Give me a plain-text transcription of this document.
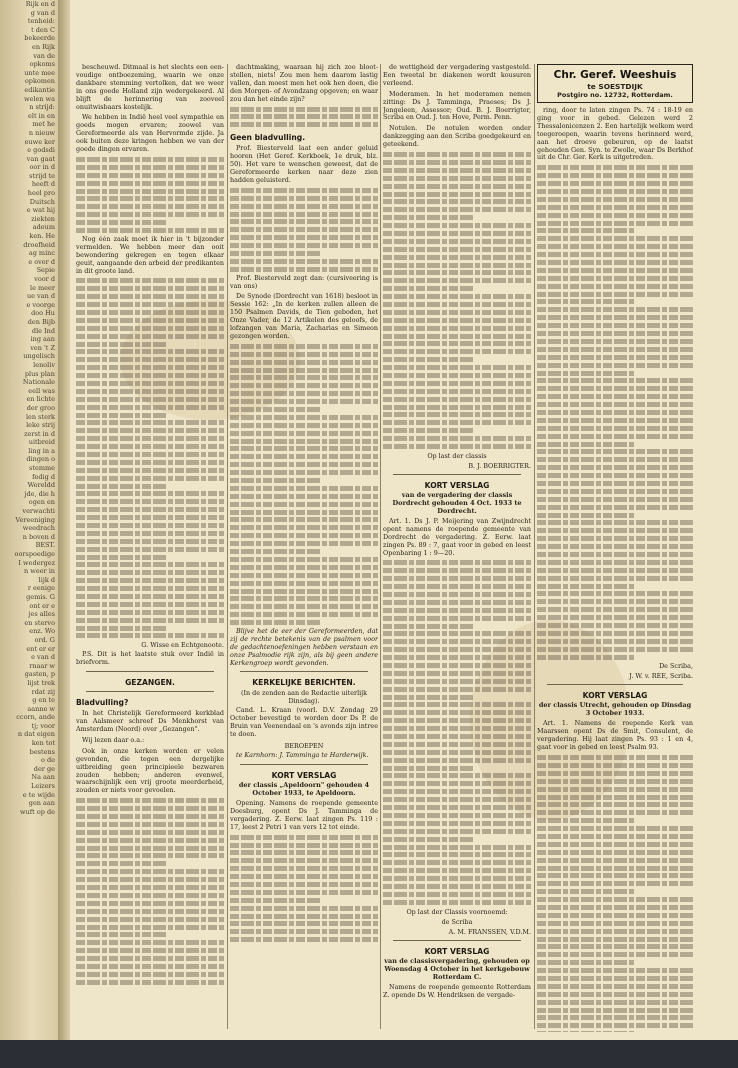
Rijk en d
g van d
tenheid:
t den C
bekeerde
en Rijk
van de
opkoms
unte mee
opkomen
edikantie
welen wa
n strijd:
elt in en
met he
n nieuw
euwe ker
e godsdi
van gaat
oor in d
strijd te
heeft d
heel pro
Duitsch
e wat hij
ziekten
adeum
ken. He
droefheid
ag minc
e over d
Sepie
voor d
le meer
ue van d
e voorge
doo Hu
den Bijb
dle Ind
ing aan
ven 't Z
ungelisch
lenoliv
plus plan
Nationale
eell was
en lichte
der groo
len sterk
leke strij
zerst in d
uitbreid
ling in a
dingen o
stemme
fedig d
Wereldd
jde, die h
ogen en
verwachti
Vereeniging
weedrach
n boven d
BEST.
oorspoedige
I wedergez
n weer in
lijk d
r eenige
gemis. G
ont er e
jes alles
en stervo
enz. Wo
ord. G
ent er er
e van d
rnaar w
gasten, p
lijst trek
rdat zij
g en te
aanne w
ccorn, ande
tj; voor
n dat eigen
ken tot
bestens
o de
der ge
Na aan
Leizers
e te wijde
gen aan
wuft op de

bescheuwd. Ditmaal is het slechts een een-voudige ontboezeming, waarin we onze dankbare stemming vertolken, dat we weer in ons goede Holland zijn wedergekeerd. Al blijft de herinnering van zooveel onuitwisbaars kostelijk.

We hebben in Indië heel veel sympathie en goeds mogen ervaren; zoowel van Gereformeerde als van Hervormde zijde. Ja ook buiten deze kringen hebben we van der goede dingen ervaren.

Nog één zaak moet ik hier in 't bijzonder vermelden. We hebben meer dan ooit bewondering gekregen en tegen elkaar geuit, aangaande den arbeid der predikanten in dit groote land.

G. Wisse en Echtgenoote.

P.S. Dit is het laatste stuk over Indië in briefvorm.

GEZANGEN.
Bladvulling?

In het Christelijk Gereformeerd kerkblad van Aalsmeer schreef Ds Menkhorst van Amsterdam (Noord) over „Gezangen".

Wij lezen daar o.a.:

Ook in onze kerken worden er velen gevonden, die tegen een dergelijke uitbreiding geen principieele bezwaren zouden hebben; anderen evenwel, waarschijnlijk een vrij groote meerderheid, zouden er niets voor gevoelen.

dachtmaking, waaraan hij zich zoo bloot-stellen, niets! Zou men hem daarom lastig vallen, dan moest men het ook hen doen, die den Morgen- of Avondzang opgeven; en waar zou dan het einde zijn?

Geen bladvulling.

Prof. Biesterveld laat een ander geluid hooren (Het Geref. Kerkboek, 1e druk, blz. 50). Het vare te wenschen geweest, dat de Gereformeerde kerken naar deze zien hadden geluisterd.

Prof. Biesterveld zegt dan: (cursiveering is van ons)

De Synode (Dordrecht van 1618) besloot in Sessie 162: „In de kerken zullen alleen de 150 Psalmen Davids, de Tien geboden, het Onze Vader, de 12 Artikelen des geloofs, de lofzangen van Maria, Zacharias en Simeon gezongen worden.

Blijve het de eer der Gereformeerden, dat zij de rechte betekenis van de psalmen voor de gedachtenoefeningen hebben verstaan en onze Psalmodie rijk zijn, als bij geen andere Kerkengroep wordt gevonden.

KERKELIJKE BERICHTEN.

(In de zenden aan de Redactie uiterlijk Dinsdag).

Cand. L. Kraan (voorl. D.V. Zondag 29 October bevestigd te worden door Ds P. de Bruin van Veenendaal en 's avonds zijn intree te doen.

BEROEPEN

te Karnhorn: J. Tamminga te Harderwijk.

KORT VERSLAG

der classis „Apeldoorn" gehouden 4 October 1933, te Apeldoorn.

Opening. Namens de roepende gemeente Doesburg, opent Ds J. Tamminga de vergadering. Z. Eerw. laat zingen Ps. 119 : 17, leest 2 Petri 1 van vers 12 tot einde.

de wettigheid der vergadering vastgesteld. Een tweetal br. diakenen wordt kousuren verleend.

Moderamen. In het moderamen nemen zitting: Ds J. Tamminga, Praeses; Ds J. Jongeleen, Assessor; Oud. B. J. Boerrigter, Scriba en Oud. J. ten Hove, Perm. Penn.

Notulen. De notulen worden onder dankzegging aan den Scriba goedgekeurd en geteekend.

Op last der classis

B. J. BOERRIGTER.

KORT VERSLAG

van de vergadering der classis Dordrecht gehouden 4 Oct. 1933 te Dordrecht.

Art. 1. Ds J. P. Meijering van Zwijndrecht opent namens de roepende gemeente van Dordrecht de vergadering. Z. Eerw. laat zingen Ps. 89 : 7, gaat voor in gebed en leest Openbaring 1 : 9—20.

Op last der Classis voornoemd:

de Scriba

A. M. FRANSSEN, V.D.M.

KORT VERSLAG

van de classisvergadering, gehouden op Woensdag 4 October in het kerkgebouw Rotterdam C.

Namens de roepende gemeente Rotterdam Z. opende Ds W. Hendriksen de vergade-

Chr. Geref. Weeshuis
te SOESTDIJK
Postgiro no. 12732, Rotterdam.

ring, door te laten zingen Ps. 74 : 18-19 en ging voor in gebed. Gelezen werd 2 Thessalonicenzen 2. Een hartelijk welkom werd toegeroepen, waarin tevens herinnerd werd, aan het droeve gebeuren, op de laatst gehouden Gen. Syn. te Zwolle, waar Ds Berkhof uit de Chr. Ger. Kerk is uitgetreden.

De Scriba,

J. W. v. REE, Scriba.

KORT VERSLAG

der classis Utrecht, gehouden op Dinsdag 3 October 1933.

Art. 1. Namens de roepende Kerk van Maarssen opent Ds de Smit, Consulent, de vergadering. Hij laat zingen Ps. 93 : 1 en 4, gaat voor in gebed en leest Psalm 93.
